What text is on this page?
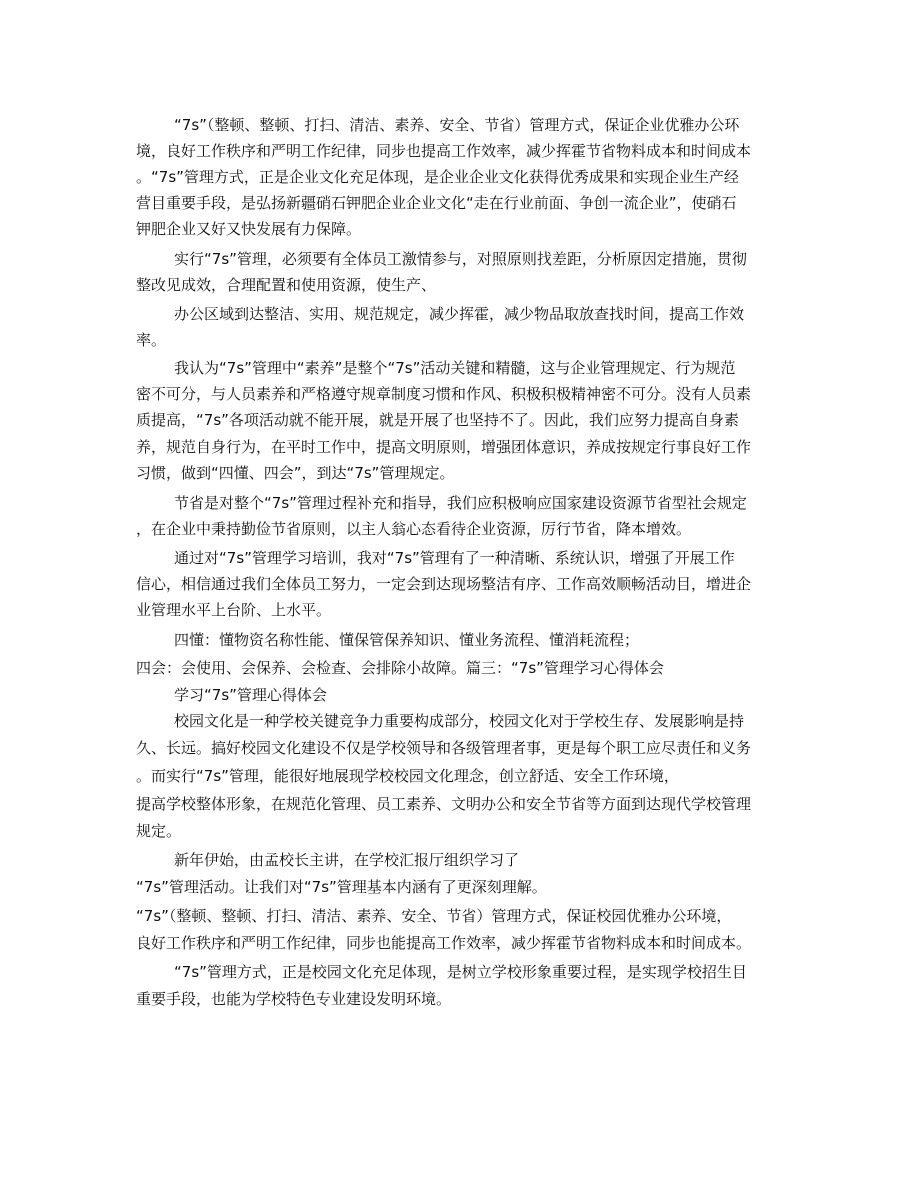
“7s”（整顿、整顿、打扫、清洁、素养、安全、节省）管理方式，保证企业优雅办公环
境，良好工作秩序和严明工作纪律，同步也提高工作效率，减少挥霍节省物料成本和时间成本
。“7s”管理方式，正是企业文化充足体现，是企业企业文化获得优秀成果和实现企业生产经
营目重要手段，是弘扬新疆硝石钾肥企业企业文化“走在行业前面、争创一流企业”，使硝石
钾肥企业又好又快发展有力保障。
实行“7s”管理，必须要有全体员工激情参与，对照原则找差距，分析原因定措施，贯彻
整改见成效，合理配置和使用资源，使生产、
办公区域到达整洁、实用、规范规定，减少挥霍，减少物品取放查找时间，提高工作效
率。
我认为“7s”管理中“素养”是整个“7s”活动关键和精髓，这与企业管理规定、行为规范
密不可分，与人员素养和严格遵守规章制度习惯和作风、积极积极精神密不可分。没有人员素
质提高，“7s”各项活动就不能开展，就是开展了也坚持不了。因此，我们应努力提高自身素
养，规范自身行为，在平时工作中，提高文明原则，增强团体意识，养成按规定行事良好工作
习惯，做到“四懂、四会”，到达“7s”管理规定。
节省是对整个“7s”管理过程补充和指导，我们应积极响应国家建设资源节省型社会规定
，在企业中秉持勤俭节省原则，以主人翁心态看待企业资源，厉行节省，降本增效。
通过对“7s”管理学习培训，我对“7s”管理有了一种清晰、系统认识，增强了开展工作
信心，相信通过我们全体员工努力，一定会到达现场整洁有序、工作高效顺畅活动目，增进企
业管理水平上台阶、上水平。
四懂：懂物资名称性能、懂保管保养知识、懂业务流程、懂消耗流程；
四会：会使用、会保养、会检查、会排除小故障。篇三：“7s”管理学习心得体会
学习“7s”管理心得体会
校园文化是一种学校关键竞争力重要构成部分，校园文化对于学校生存、发展影响是持
久、长远。搞好校园文化建设不仅是学校领导和各级管理者事，更是每个职工应尽责任和义务
。而实行“7s”管理，能很好地展现学校校园文化理念，创立舒适、安全工作环境，
提高学校整体形象，在规范化管理、员工素养、文明办公和安全节省等方面到达现代学校管理
规定。
新年伊始，由孟校长主讲，在学校汇报厅组织学习了
“7s”管理活动。让我们对“7s”管理基本内涵有了更深刻理解。
“7s”（整顿、整顿、打扫、清洁、素养、安全、节省）管理方式，保证校园优雅办公环境，
良好工作秩序和严明工作纪律，同步也能提高工作效率，减少挥霍节省物料成本和时间成本。
“7s”管理方式，正是校园文化充足体现，是树立学校形象重要过程，是实现学校招生目
重要手段，也能为学校特色专业建设发明环境。
